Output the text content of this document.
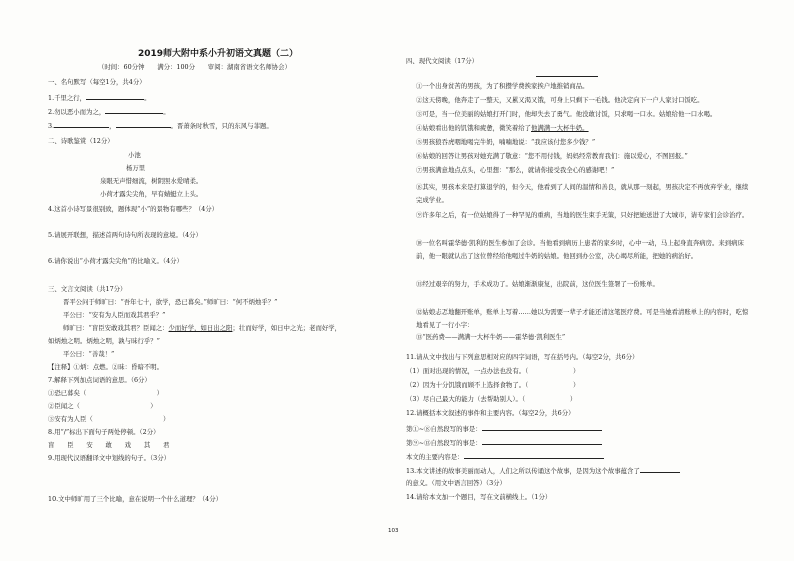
2019师大附中系小升初语文真题（二）
（时间：60分钟　　满分：100分　　审阅：湖南省语文名师协会）
一、名句默写（每空1分，共4分）
1.千里之行，	。
2.勿以恶小而为之，	。
3.	，	。晋萧条时秋雪，只的东风与菲题。
二、诗歌鉴赏（12分）
小池
杨万里
泉眼无声惜细流，树阴照水爱晴柔。
小荷才露尖尖角，早有蜻蜓立上头。
4.这首小诗写景很别致，题体现“小”的景物有哪些？（4分）
5.请展开联想，描述首两句诗句所表现的意境。（4分）
6.请你说出“小荷才露尖尖角”的比喻义。（4分）
三、文言文阅读（共17分）
晋平公问于师旷曰：“吾年七十，欲学，恐已暮矣。”师旷曰：“何不炳烛乎？”
平公曰：“安有为人臣而戏其君乎？”
师旷曰：“盲臣安敢戏其君？臣闻之：少而好学，如日出之阳；壮而好学，如日中之光；老而好学，
如炳烛之明。炳烛之明，孰与昧行乎？”
平公曰：“善哉！”
【注释】①炳：点燃。②昧：昏暗不明。
7.解释下列加点词语的意思。（6分）
①恐已暮矣（　　　　　　　　　　　）
②臣闻之（　　　　　　　　　　　）
③安有为人臣（　　　　　　　　　　　）
8.用“/”标出下面句子两处停顿。（2分）
盲　　臣　　安　　敢　　戏　　其　　君
9.用现代汉语翻译文中划线的句子。（3分）
10.文中师旷用了三个比喻，意在说明一个什么道理？（4分）
四、现代文阅读（17分）
①一个出身贫苦的男孩，为了积攒学费挨家挨户地推销商品。
②这天傍晚，他奔走了一整天，又累又渴又饿，可身上只剩下一毛钱。他决定向下一户人家讨口饭吃。
③可是，当一位美丽的姑娘打开门时，他却失去了勇气。他没敢讨饭，只求喝一口水。姑娘给他一口水喝。
④姑娘看出他的饥饿和疲惫，微笑着给了他满满一大杯牛奶。
⑤男孩狼吞虎咽地喝完牛奶，喃喃地说：“我应该付您多少钱？”
⑥姑娘的回答让男孩对她充满了敬意：“您不用付钱，妈妈经常教育我们：施以爱心，不图回报。”
⑦男孩满意地点点头，心里想：“那么，就请你接受我全心的感谢吧！”
⑧其实，男孩本来是打算退学的，但今天，他看到了人间的温情和善良，就从那一刻起，男孩决定不再放弃学业，继续完成学业。
⑨许多年之后，有一位姑娘得了一种罕见的重病，当地的医生束手无策，只好把她送进了大城市，请专家们会诊治疗。
⑩一位名叫霍华德·凯利的医生参加了会诊。当他看到病历上患者的家乡时，心中一动，马上起身直奔病房。来到病床前，他一眼就认出了这位曾经给他喝过牛奶的姑娘。他回到办公室，决心竭尽所能，把她的病治好。
⑪经过艰辛的努力，手术成功了。姑娘渐渐康复，出院前，这位医生签署了一份账单。
⑫姑娘忐忑地翻开账单，账单上写着……她以为需要一辈子才能还清这笔医疗费。可是当她看清账单上的内容时，吃惊地看见了一行小字：
⑬“医药费——满满一大杯牛奶——霍华德·凯利医生”
11.请从文中找出与下列意思相对应的四字词语，写在括号内。（每空2分，共6分）
（1）面对出现的情况，一点办法也没有。（　　　　　　　）
（2）因为十分饥饿而顾不上选择食物了。（　　　　　　　）
（3）尽自己最大的能力（去帮助别人）。（　　　　　　　）
12.请概括本文叙述的事件和主要内容。（每空2分，共6分）
第①~⑧自然段写的事是：
第⑨~⑬自然段写的事是：
本文的主要内容是：
13.本文讲述的故事美丽而动人，人们之所以传诵这个故事，是因为这个故事蕴含了
的意义。（用文中语言回答）（3分）
14.请给本文加一个题目，写在文前横线上。（1分）
103
